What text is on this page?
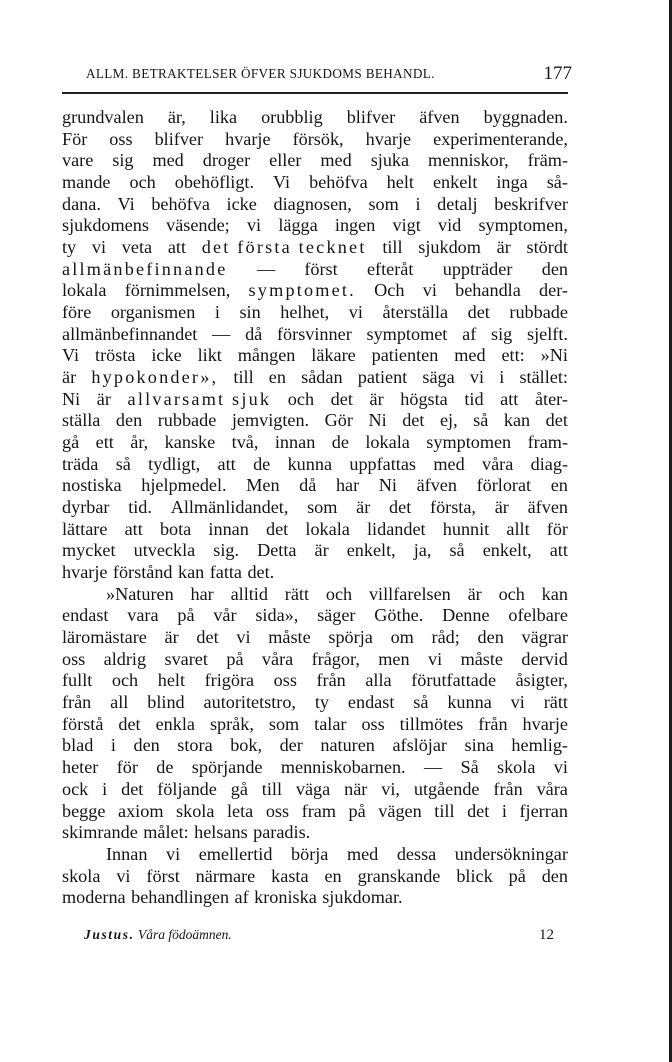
ALLM. BETRAKTELSER ÖFVER SJUKDOMS BEHANDL.	177
grundvalen är, lika orubblig blifver äfven byggnaden.
För oss blifver hvarje försök, hvarje experimenterande,
vare sig med droger eller med sjuka menniskor, främ-
mande och obehöfligt. Vi behöfva helt enkelt inga så-
dana. Vi behöfva icke diagnosen, som i detalj beskrifver
sjukdomens väsende; vi lägga ingen vigt vid symptomen,
ty vi veta att det första tecknet till sjukdom är stördt
allmänbefinnande — först efteråt uppträder den
lokala förnimmelsen, symptomet. Och vi behandla der-
före organismen i sin helhet, vi återställa det rubbade
allmänbefinnandet — då försvinner symptomet af sig sjelft.
Vi trösta icke likt mången läkare patienten med ett: »Ni
är hypokonder», till en sådan patient säga vi i stället:
Ni är allvarsamt sjuk och det är högsta tid att åter-
ställa den rubbade jemvigten. Gör Ni det ej, så kan det
gå ett år, kanske två, innan de lokala symptomen fram-
träda så tydligt, att de kunna uppfattas med våra diag-
nostiska hjelpmedel. Men då har Ni äfven förlorat en
dyrbar tid. Allmänlidandet, som är det första, är äfven
lättare att bota innan det lokala lidandet hunnit allt för
mycket utveckla sig. Detta är enkelt, ja, så enkelt, att
hvarje förstånd kan fatta det.
»Naturen har alltid rätt och villfarelsen är och kan
endast vara på vår sida», säger Göthe. Denne ofelbare
läromästare är det vi måste spörja om råd; den vägrar
oss aldrig svaret på våra frågor, men vi måste dervid
fullt och helt frigöra oss från alla förutfattade åsigter,
från all blind autoritetstro, ty endast så kunna vi rätt
förstå det enkla språk, som talar oss tillmötes från hvarje
blad i den stora bok, der naturen afslöjar sina hemlig-
heter för de spörjande menniskobarnen. — Så skola vi
ock i det följande gå till väga när vi, utgående från våra
begge axiom skola leta oss fram på vägen till det i fjerran
skimrande målet: helsans paradis.
Innan vi emellertid börja med dessa undersökningar
skola vi först närmare kasta en granskande blick på den
moderna behandlingen af kroniska sjukdomar.
Justus. Våra födoämnen.	12
